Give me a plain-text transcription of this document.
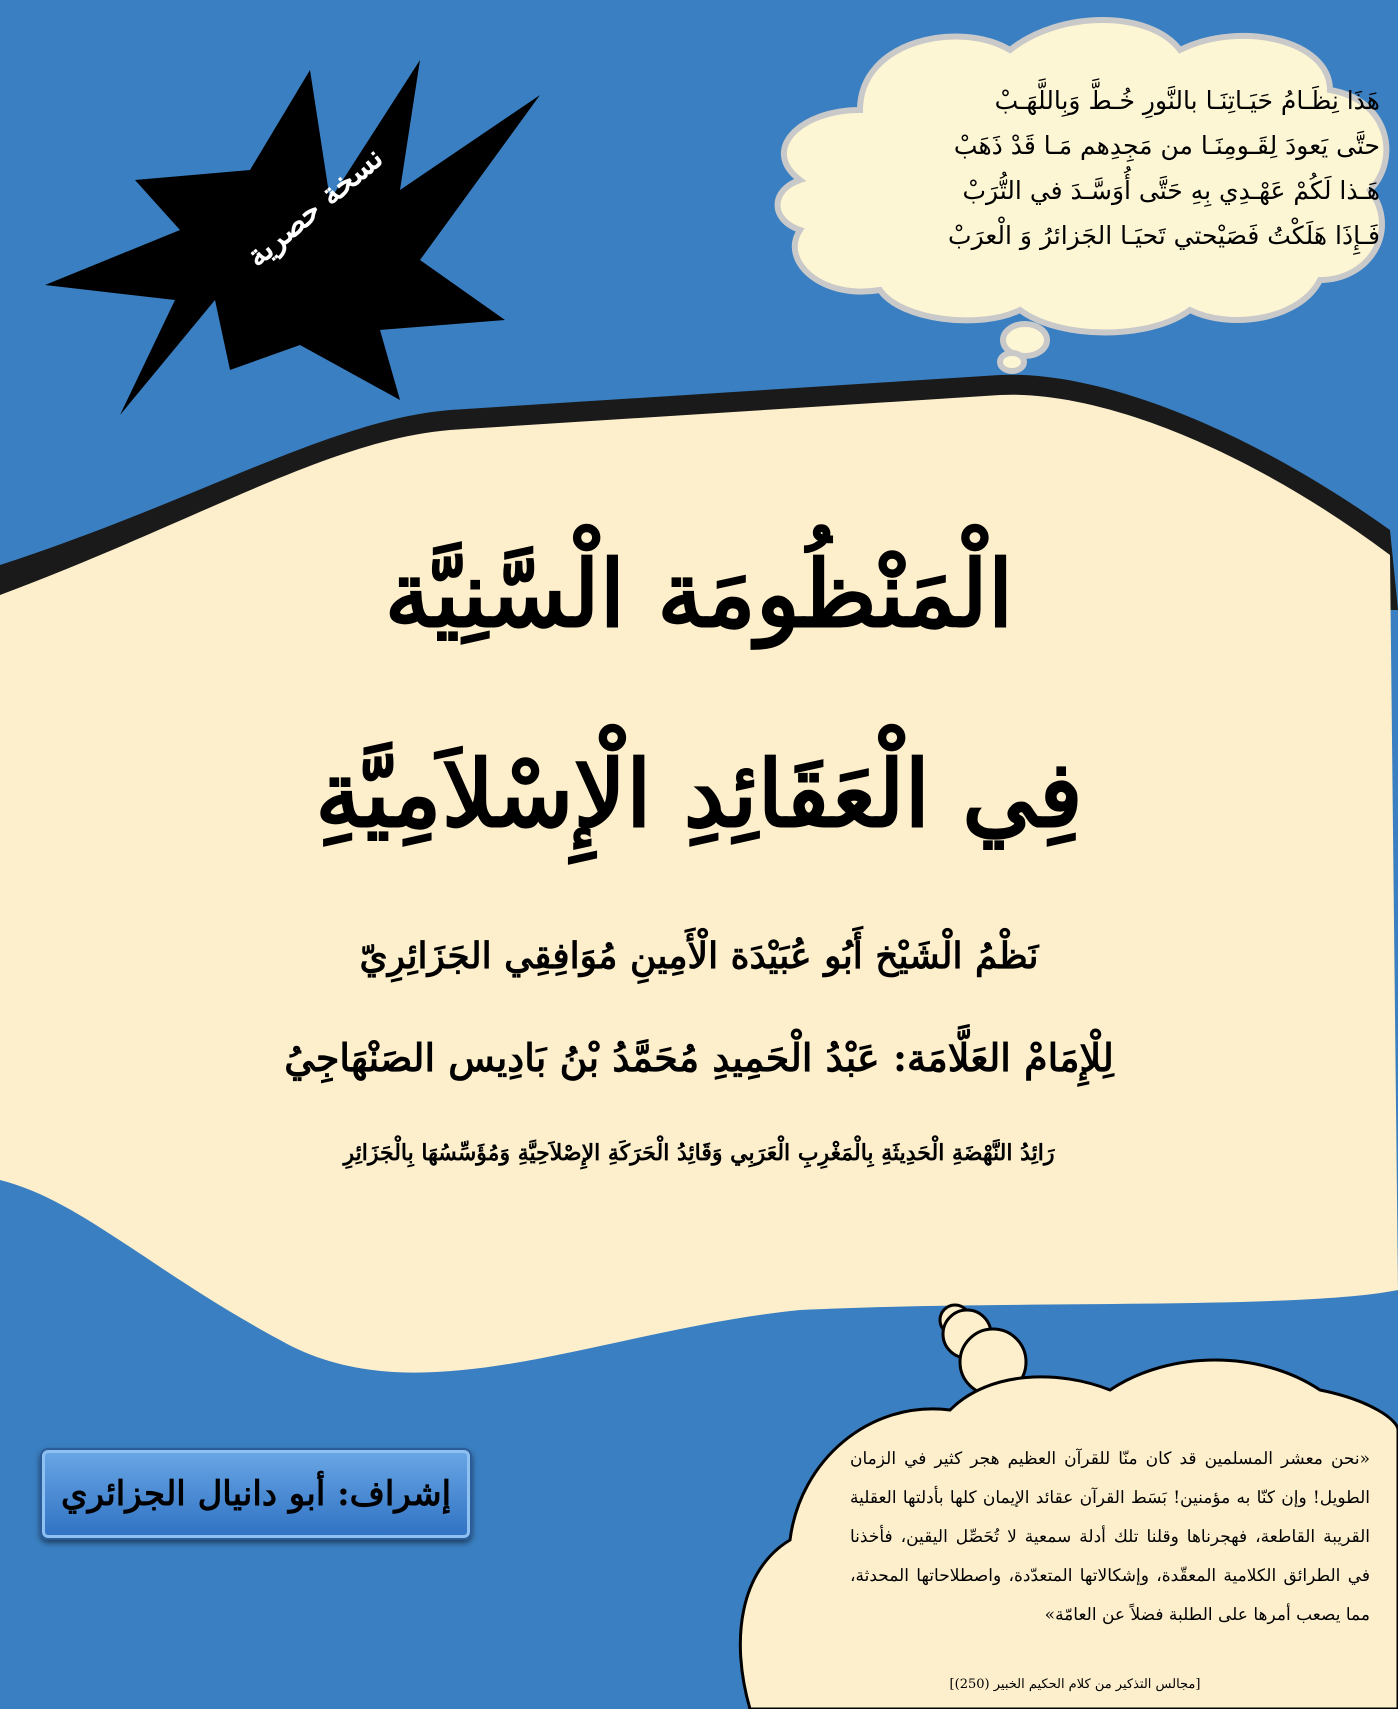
نسخة حصرية
هَذَا نِظَـامُ حَيَـاتِنَـا بالنَّورِ خُـطَّ وَبِاللَّهَـبْ
حتَّى يَعودَ لِقَـومِنَـا من مَجِدِهم مَـا قَدْ ذَهَبْ
هَـذا لَكُمْ عَهْـدِي بِهِ حَتَّى أُوَسَّـدَ في التُّرَبْ
فَـإِذَا هَلَكْتُ فَصَيْحتي تَحيَـا الجَزائرُ وَ الْعرَبْ
الْمَنْظُومَة الْسَّنِيَّة
فِي الْعَقَائِدِ الْإِسْلاَمِيَّةِ
نَظْمُ الْشَيْخ أَبُو عُبَيْدَة الْأَمِينِ مُوَافِقِي الجَزَائِرِيّ
لِلْإِمَامْ العَلَّامَة: عَبْدُ الْحَمِيدِ مُحَمَّدُ بْنُ بَادِيس الصَنْهَاجِيُ
رَائِدُ النَّهْضَةِ الْحَدِيثَةِ بِالْمَغْرِبِ الْعَرَبِي وَقَائِدُ الْحَرَكَةِ الإِصْلاَحِيَّةِ وَمُؤَسِّسُهَا بِالْجَزَائِرِ
إشراف: أبو دانيال الجزائري
«نحن معشر المسلمين قد كان منّا للقرآن العظيم هجر كثير في الزمان الطويل! وإن كنّا به مؤمنين! بَسَط القرآن عقائد الإيمان كلها بأدلتها العقلية القريبة القاطعة، فهجرناها وقلنا تلك أدلة سمعية لا تُحَصِّل اليقين، فأخذنا في الطرائق الكلامية المعقّدة، وإشكالاتها المتعدّدة، واصطلاحاتها المحدثة، مما يصعب أمرها على الطلبة فضلاً عن العامّة»
[مجالس التذكير من كلام الحكيم الخبير (250)]
